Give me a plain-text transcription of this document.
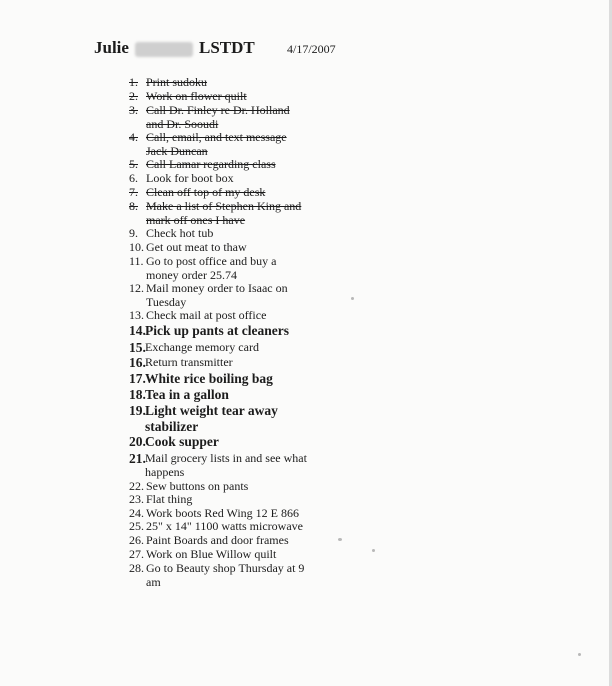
Julie	LSTDT	4/17/2007
1. Print sudoku
2. Work on flower quilt
3. Call Dr. Finley re Dr. Holland
and Dr. Sooudi
4. Call, email, and text message
Jack Duncan
5. Call Lamar regarding class
6. Look for boot box
7. Clean off top of my desk
8. Make a list of Stephen King and
mark off ones I have
9. Check hot tub
10. Get out meat to thaw
11. Go to post office and buy a
money order 25.74
12. Mail money order to Isaac on
Tuesday
13. Check mail at post office
14. Pick up pants at cleaners
15. Exchange memory card
16. Return transmitter
17. White rice boiling bag
18. Tea in a gallon
19. Light weight tear away
stabilizer
20. Cook supper
21. Mail grocery lists in and see what
happens
22. Sew buttons on pants
23. Flat thing
24. Work boots Red Wing 12 E 866
25. 25" x 14" 1100 watts microwave
26. Paint Boards and door frames
27. Work on Blue Willow quilt
28. Go to Beauty shop Thursday at 9
am
